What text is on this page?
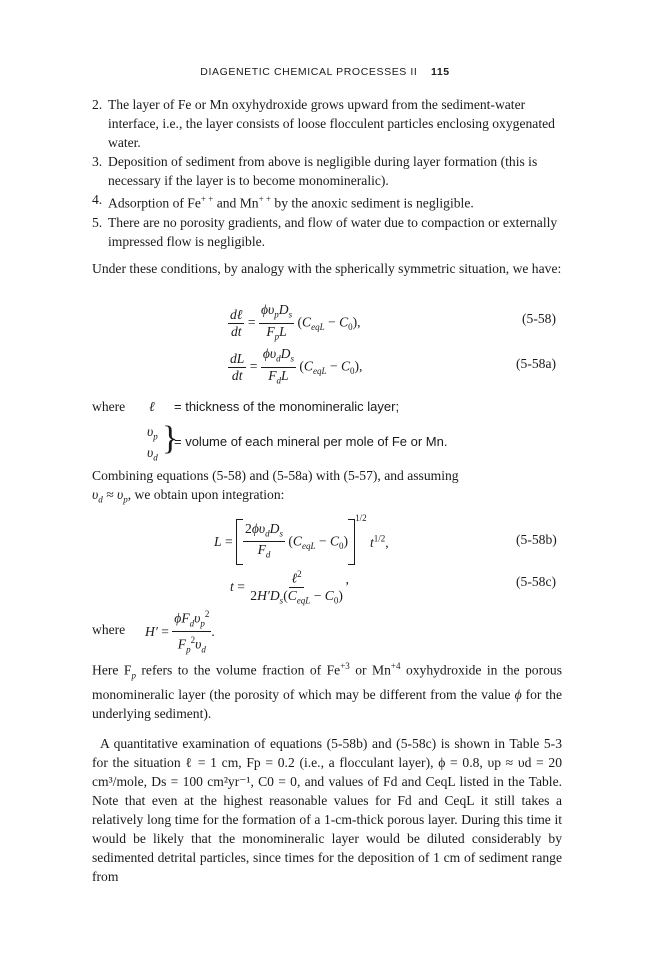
DIAGENETIC CHEMICAL PROCESSES II 115
2. The layer of Fe or Mn oxyhydroxide grows upward from the sediment-water interface, i.e., the layer consists of loose flocculent particles enclosing oxygenated water.
3. Deposition of sediment from above is negligible during layer formation (this is necessary if the layer is to become monomineralic).
4. Adsorption of Fe+ + and Mn+ + by the anoxic sediment is negligible.
5. There are no porosity gradients, and flow of water due to compaction or externally impressed flow is negligible.
Under these conditions, by analogy with the spherically symmetric situation, we have:
$\frac{\text{dℓ}}{dt} = \frac{\phi\upsilon_pD_s}{F_pL} (C_{eqL} - C_0)$,	(5-58)
$\frac{dL}{dt} = \frac{\phi\upsilon_dD_s}{F_dL} (C_{eqL} - C_0)$,	(5-58a)
where ℓ = thickness of the monomineralic layer;
$\upsilon_p$
$\upsilon_d$
}
= volume of each mineral per mole of Fe or Mn.
Combining equations (5-58) and (5-58a) with (5-57), and assuming
$\upsilon_d \approx \upsilon_p$, we obtain upon integration:
$L = \frac{2\phi\upsilon_dD_s}{F_d} (C_{eqL} - C_0)^{1/2}$ $t^{1/2}$,	(5-58b)
$t = \frac{\ell^2}{2H'D_s(C_{eqL} - C_0)}$ ’	(5-58c)
where $H' = \frac{\phi F_d\upsilon_p^2}{F_p^2\upsilon_d}$ .
Here $F_p$ refers to the volume fraction of $Fe^{+3}$ or $Mn^{+4}$ oxyhydroxide in the porous monomineralic layer (the porosity of which may be different from the value ϕ for the underlying sediment).
A quantitative examination of equations (5-58b) and (5-58c) is shown in Table 5-3 for the situation ℓ = 1 cm, Fp = 0.2 (i.e., a flocculant layer), ϕ = 0.8, υp ≈ υd = 20 cm³/mole, Ds = 100 cm²yr⁻¹, C0 = 0, and values of Fd and CeqL listed in the Table. Note that even at the highest reasonable values for Fd and CeqL it still takes a relatively long time for the formation of a 1-cm-thick porous layer. During this time it would be likely that the monomineralic layer would be diluted considerably by sedimented detrital particles, since times for the deposition of 1 cm of sediment range from
